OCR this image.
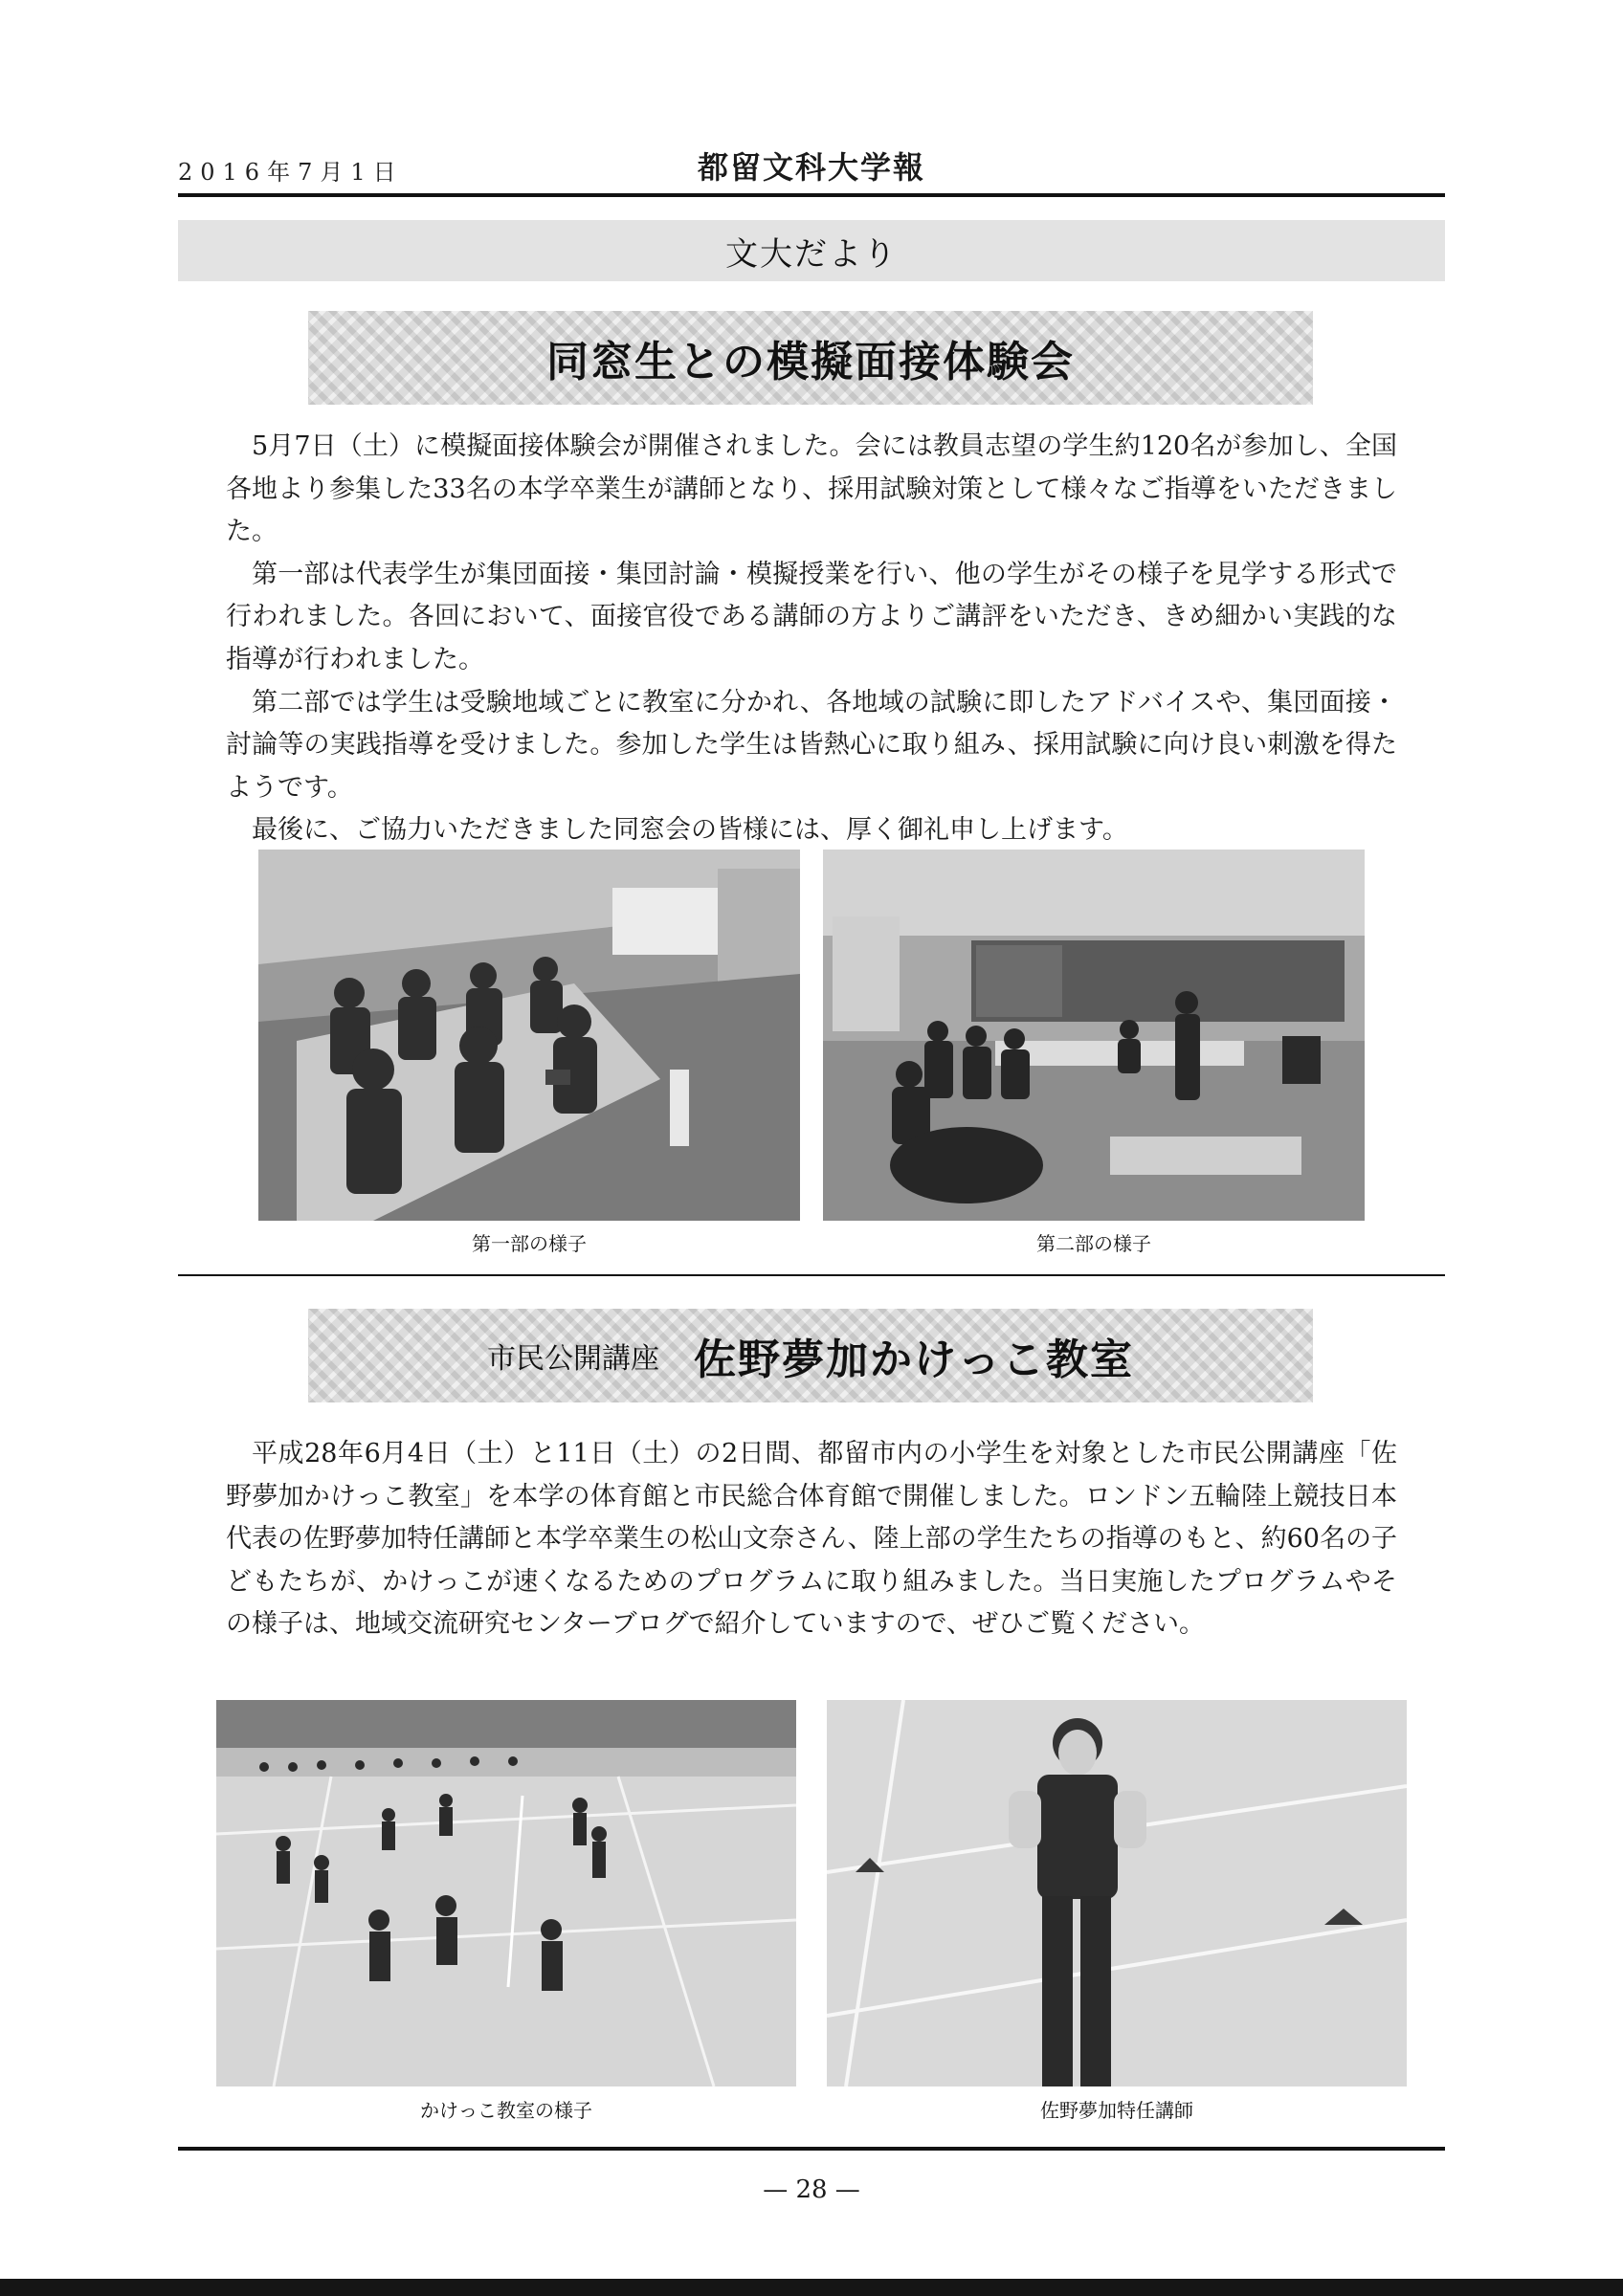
2016年7月1日	都留文科大学報
文大だより
同窓生との模擬面接体験会

5月7日（土）に模擬面接体験会が開催されました。会には教員志望の学生約120名が参加し、全国各地より参集した33名の本学卒業生が講師となり、採用試験対策として様々なご指導をいただきました。

第一部は代表学生が集団面接・集団討論・模擬授業を行い、他の学生がその様子を見学する形式で行われました。各回において、面接官役である講師の方よりご講評をいただき、きめ細かい実践的な指導が行われました。

第二部では学生は受験地域ごとに教室に分かれ、各地域の試験に即したアドバイスや、集団面接・討論等の実践指導を受けました。参加した学生は皆熱心に取り組み、採用試験に向け良い刺激を得たようです。

最後に、ご協力いただきました同窓会の皆様には、厚く御礼申し上げます。

第一部の様子	第二部の様子
市民公開講座 佐野夢加かけっこ教室

平成28年6月4日（土）と11日（土）の2日間、都留市内の小学生を対象とした市民公開講座「佐野夢加かけっこ教室」を本学の体育館と市民総合体育館で開催しました。ロンドン五輪陸上競技日本代表の佐野夢加特任講師と本学卒業生の松山文奈さん、陸上部の学生たちの指導のもと、約60名の子どもたちが、かけっこが速くなるためのプログラムに取り組みました。当日実施したプログラムやその様子は、地域交流研究センターブログで紹介していますので、ぜひご覧ください。

かけっこ教室の様子	佐野夢加特任講師
— 28 —
